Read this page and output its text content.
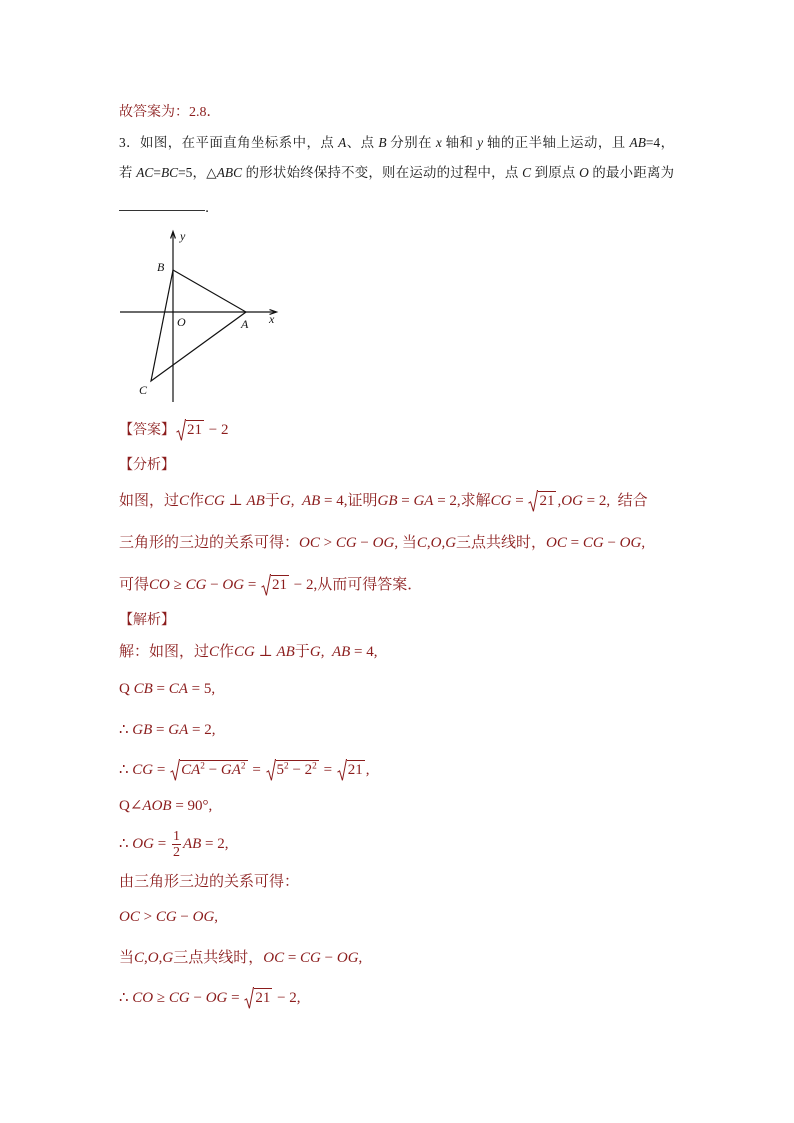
故答案为：2.8．
3．如图，在平面直角坐标系中，点 A、点 B 分别在 x 轴和 y 轴的正半轴上运动，且 AB=4，
若 AC=BC=5，△ABC 的形状始终保持不变，则在运动的过程中，点 C 到原点 O 的最小距离为
．
y
B
O	A x
C
【答案】 21 − 2
【分析】
如图，过C作CG ⊥ AB于G,  AB = 4,证明GB = GA = 2,求解CG =
21 ,OG = 2,  结合
三角形的三边的关系可得：OC > CG − OG, 当C,O,G三点共线时，OC = CG − OG,
可得CO ≥ CG − OG =
21 − 2,从而可得答案．
【解析】
解：如图，过C作CG ⊥ AB于G,  AB = 4,
Q CB = CA = 5,
∴ GB = GA = 2,
∴ CG =
$CA^2 - GA^2$ =
$5^2 - 2^2$ =
21 ,
Q∠AOB = 90°,
∴ OG = $\frac{1}{2}$ AB = 2,
由三角形三边的关系可得：
OC > CG − OG,
当C,O,G三点共线时，OC = CG − OG,
∴ CO ≥ CG − OG =
21 − 2,
